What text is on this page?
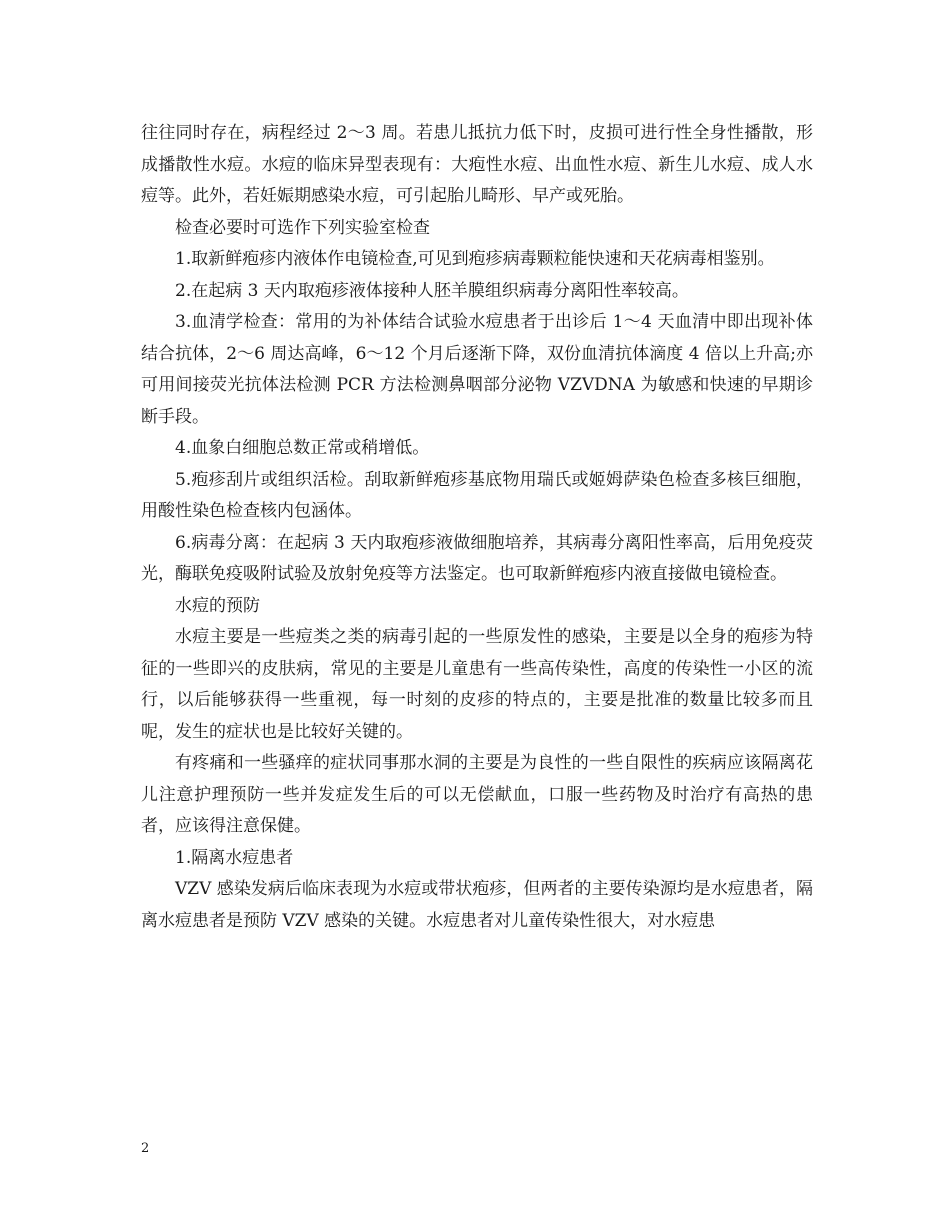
往往同时存在，病程经过 2～3 周。若患儿抵抗力低下时，皮损可进行性全身性播散，形成播散性水痘。水痘的临床异型表现有：大疱性水痘、出血性水痘、新生儿水痘、成人水痘等。此外，若妊娠期感染水痘，可引起胎儿畸形、早产或死胎。

检查必要时可选作下列实验室检查

1.取新鲜疱疹内液体作电镜检查,可见到疱疹病毒颗粒能快速和天花病毒相鉴别。

2.在起病 3 天内取疱疹液体接种人胚羊膜组织病毒分离阳性率较高。

3.血清学检查：常用的为补体结合试验水痘患者于出诊后 1～4 天血清中即出现补体结合抗体，2～6 周达高峰，6～12 个月后逐渐下降，双份血清抗体滴度 4 倍以上升高;亦可用间接荧光抗体法检测 PCR 方法检测鼻咽部分泌物 VZVDNA 为敏感和快速的早期诊断手段。

4.血象白细胞总数正常或稍增低。

5.疱疹刮片或组织活检。刮取新鲜疱疹基底物用瑞氏或姬姆萨染色检查多核巨细胞，用酸性染色检查核内包涵体。

6.病毒分离：在起病 3 天内取疱疹液做细胞培养，其病毒分离阳性率高，后用免疫荧光，酶联免疫吸附试验及放射免疫等方法鉴定。也可取新鲜疱疹内液直接做电镜检查。

水痘的预防

水痘主要是一些痘类之类的病毒引起的一些原发性的感染，主要是以全身的疱疹为特征的一些即兴的皮肤病，常见的主要是儿童患有一些高传染性，高度的传染性一小区的流行，以后能够获得一些重视，每一时刻的皮疹的特点的，主要是批准的数量比较多而且呢，发生的症状也是比较好关键的。

有疼痛和一些骚痒的症状同事那水洞的主要是为良性的一些自限性的疾病应该隔离花儿注意护理预防一些并发症发生后的可以无偿献血，口服一些药物及时治疗有高热的患者，应该得注意保健。

1.隔离水痘患者

VZV 感染发病后临床表现为水痘或带状疱疹，但两者的主要传染源均是水痘患者，隔离水痘患者是预防 VZV 感染的关键。水痘患者对儿童传染性很大，对水痘患

2
